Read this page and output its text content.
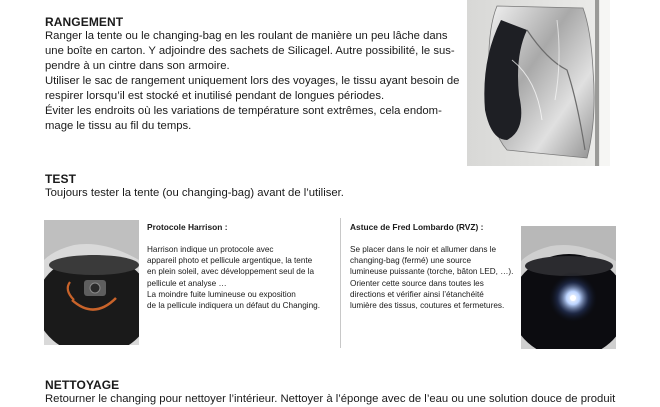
RANGEMENT
Ranger la tente ou le changing-bag en les roulant de manière un peu lâche dans
une boîte en carton. Y adjoindre des sachets de Silicagel. Autre possibilité, le sus-
pendre à un cintre dans son armoire.
Utiliser le sac de rangement uniquement lors des voyages, le tissu ayant besoin de
respirer lorsqu’il est stocké et inutilisé pendant de longues périodes.
Éviter les endroits où les variations de température sont extrêmes, cela endom-
mage le tissu au fil du temps.
TEST
Toujours tester la tente (ou changing-bag) avant de l’utiliser.
Protocole Harrison :
Harrison indique un protocole avec
appareil photo et pellicule argentique, la tente
en plein soleil, avec développement seul de la
pellicule et analyse …
La moindre fuite lumineuse ou exposition
de la pellicule indiquera un défaut du Changing.
Astuce de Fred Lombardo (RVZ) :
Se placer dans le noir et allumer dans le
changing-bag (fermé) une source
lumineuse puissante (torche, bâton LED, …).
Orienter cette source dans toutes les
directions et vérifier ainsi l’étanchéité
lumière des tissus, coutures et fermetures.
NETTOYAGE
Retourner le changing pour nettoyer l’intérieur. Nettoyer à l’éponge avec de l’eau ou une solution douce de produit
